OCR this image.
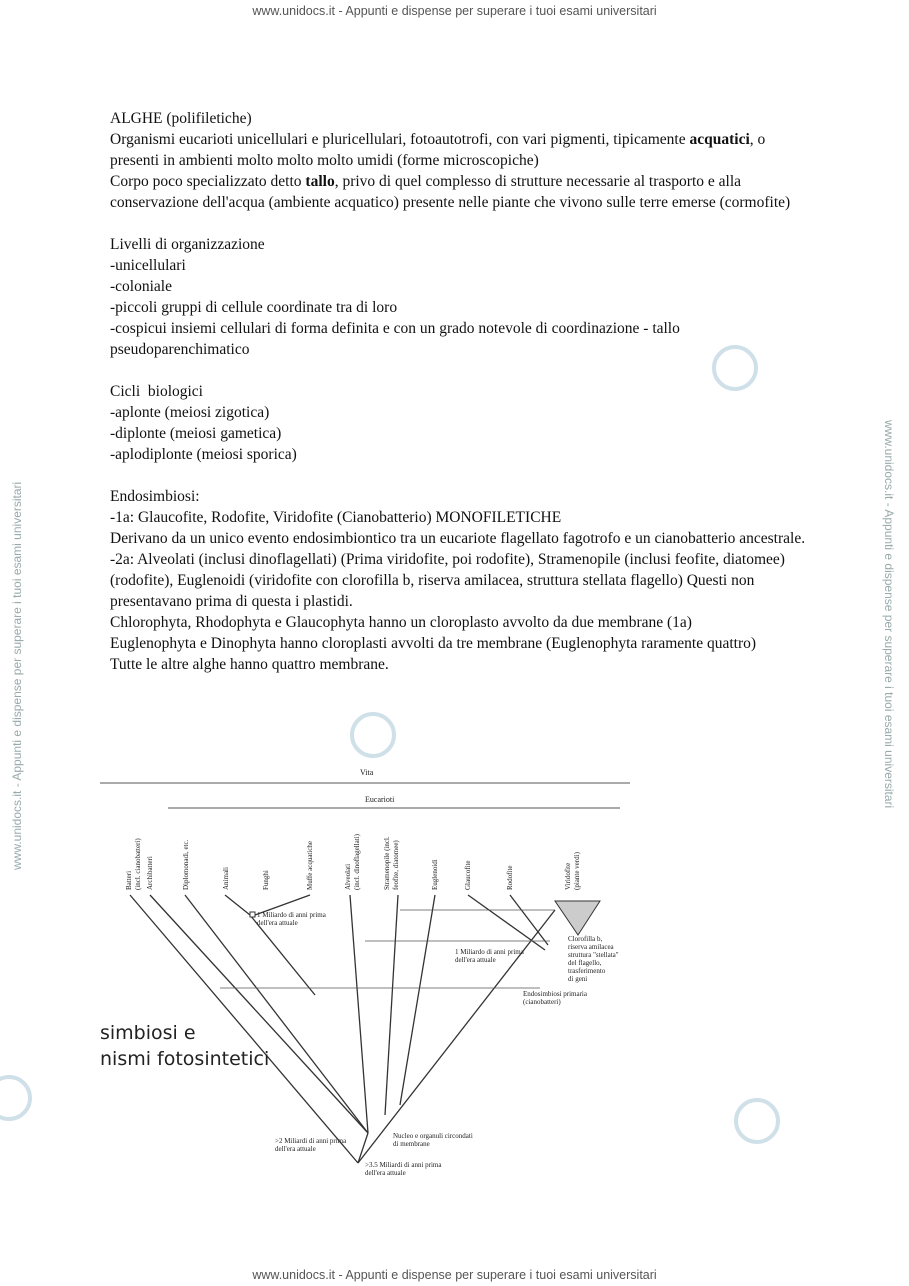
www.unidocs.it - Appunti e dispense per superare i tuoi esami universitari
www.unidocs.it - Appunti e dispense per superare i tuoi esami universitari
www.unidocs.it - Appunti e dispense per superare i tuoi esami universitari	www.unidocs.it - Appunti e dispense per superare i tuoi esami universitari

ALGHE (polifiletiche)

Organismi eucarioti unicellulari e pluricellulari, fotoautotrofi, con vari pigmenti, tipicamente acquatici, o presenti in ambienti molto molto molto umidi (forme microscopiche)

Corpo poco specializzato detto tallo, privo di quel complesso di strutture necessarie al trasporto e alla conservazione dell'acqua (ambiente acquatico) presente nelle piante che vivono sulle terre emerse (cormofite)

Livelli di organizzazione

-unicellulari

-coloniale

-piccoli gruppi di cellule coordinate tra di loro

-cospicui insiemi cellulari di forma definita e con un grado notevole di coordinazione - tallo pseudoparenchimatico

Cicli  biologici

-aplonte (meiosi zigotica)

-diplonte (meiosi gametica)

-aplodiplonte (meiosi sporica)

Endosimbiosi:

-1a: Glaucofite, Rodofite, Viridofite (Cianobatterio) MONOFILETICHE

Derivano da un unico evento endosimbiontico tra un eucariote flagellato fagotrofo e un cianobatterio ancestrale.

-2a: Alveolati (inclusi dinoflagellati) (Prima viridofite, poi rodofite), Stramenopile (inclusi feofite, diatomee) (rodofite), Euglenoidi (viridofite con clorofilla b, riserva amilacea, struttura stellata flagello) Questi non presentavano prima di questa i plastidi.

Chlorophyta, Rhodophyta e Glaucophyta hanno un cloroplasto avvolto da due membrane (1a)

Euglenophyta e Dinophyta hanno cloroplasti avvolti da tre membrane (Euglenophyta raramente quattro)

Tutte le altre alghe hanno quattro membrane.

Vita
Eucarioti
Batteri (incl. cianobatteri) Archibatteri	Diplomonadi, etc.	Animali	Funghi	Muffe acquatiche	Alveolati (incl. dinoflagellati)	Stramenopile (incl. feofite, diatomee)	Euglenoidi	Glaucofite	Rodofite	Viridofite (piante verdi)
1 Miliardo di anni prima
dell'era attuale
1 Miliardo di anni prima
dell'era attuale
Clorofilla b,
riserva amilacea
struttura "stellata"
del flagello,
trasferimento
di geni
Endosimbiosi primaria
(cianobatteri)
Nucleo e organuli circondati
di membrane
>2 Miliardi di anni prima
dell'era attuale
>3.5 Miliardi di anni prima
dell'era attuale
simbiosi e
nismi fotosintetici
